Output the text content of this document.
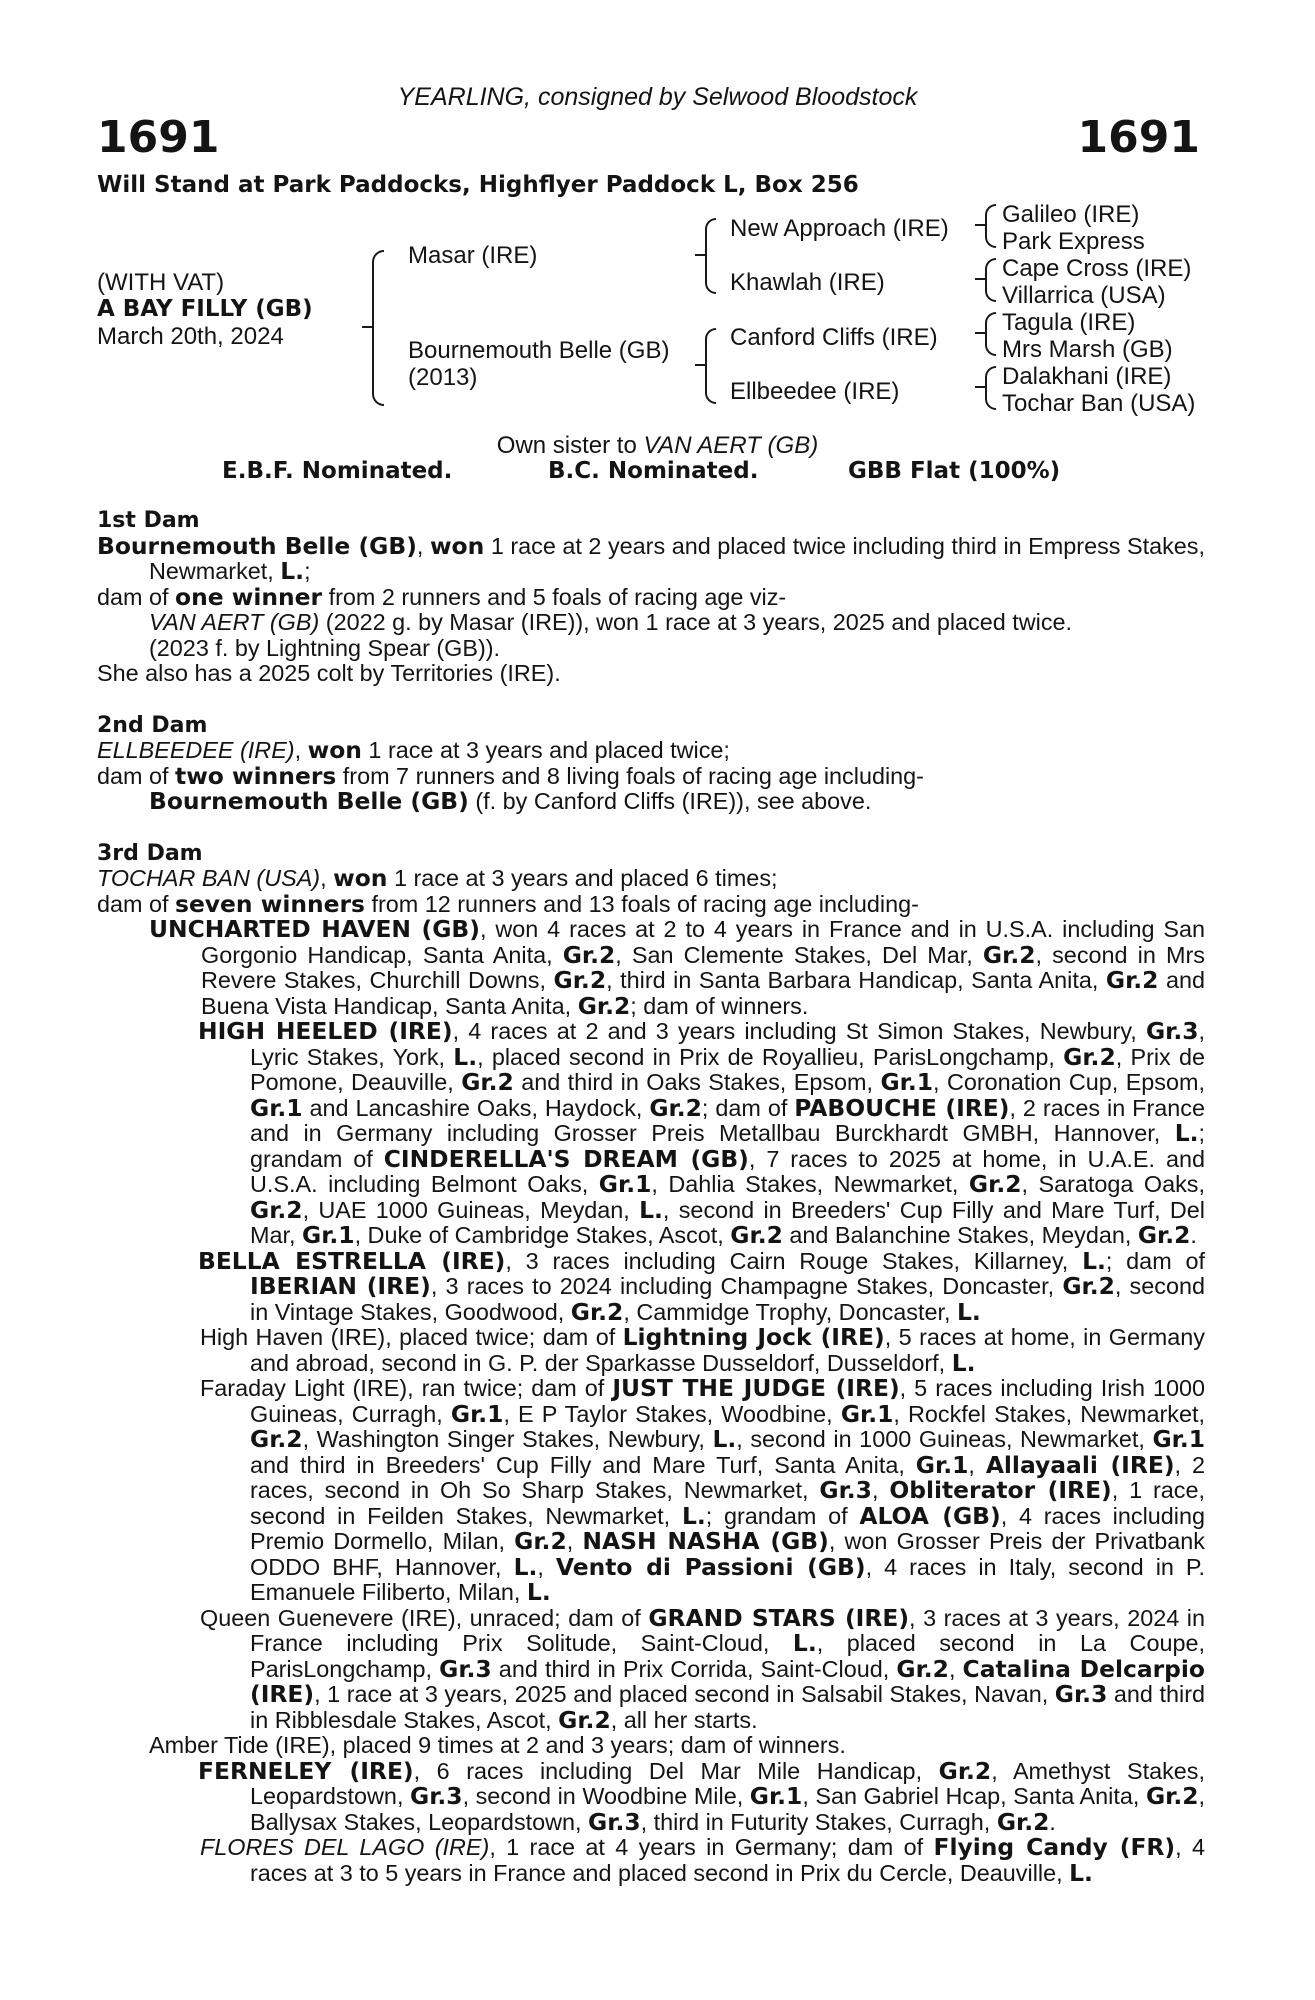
YEARLING, consigned by Selwood Bloodstock
1691	1691
Will Stand at Park Paddocks, Highflyer Paddock L, Box 256
(WITH VAT)
A BAY FILLY (GB)
March 20th, 2024
Masar (IRE)
Bournemouth Belle (GB)
(2013)
New Approach (IRE)
Khawlah (IRE)
Canford Cliffs (IRE)
Ellbeedee (IRE)
Galileo (IRE)
Park Express
Cape Cross (IRE)
Villarrica (USA)
Tagula (IRE)
Mrs Marsh (GB)
Dalakhani (IRE)
Tochar Ban (USA)
Own sister to VAN AERT (GB)
E.B.F. Nominated.	B.C. Nominated.	GBB Flat (100%)
1st Dam
Bournemouth Belle (GB), won 1 race at 2 years and placed twice including third in Empress Stakes, Newmarket, L.;
dam of one winner from 2 runners and 5 foals of racing age viz-
VAN AERT (GB) (2022 g. by Masar (IRE)), won 1 race at 3 years, 2025 and placed twice.
(2023 f. by Lightning Spear (GB)).
She also has a 2025 colt by Territories (IRE).
2nd Dam
ELLBEEDEE (IRE), won 1 race at 3 years and placed twice;
dam of two winners from 7 runners and 8 living foals of racing age including-
Bournemouth Belle (GB) (f. by Canford Cliffs (IRE)), see above.
3rd Dam
TOCHAR BAN (USA), won 1 race at 3 years and placed 6 times;
dam of seven winners from 12 runners and 13 foals of racing age including-
UNCHARTED HAVEN (GB), won 4 races at 2 to 4 years in France and in U.S.A. including San Gorgonio Handicap, Santa Anita, Gr.2, San Clemente Stakes, Del Mar, Gr.2, second in Mrs Revere Stakes, Churchill Downs, Gr.2, third in Santa Barbara Handicap, Santa Anita, Gr.2 and Buena Vista Handicap, Santa Anita, Gr.2; dam of winners.
HIGH HEELED (IRE), 4 races at 2 and 3 years including St Simon Stakes, Newbury, Gr.3, Lyric Stakes, York, L., placed second in Prix de Royallieu, ParisLongchamp, Gr.2, Prix de Pomone, Deauville, Gr.2 and third in Oaks Stakes, Epsom, Gr.1, Coronation Cup, Epsom, Gr.1 and Lancashire Oaks, Haydock, Gr.2; dam of PABOUCHE (IRE), 2 races in France and in Germany including Grosser Preis Metallbau Burckhardt GMBH, Hannover, L.; grandam of CINDERELLA'S DREAM (GB), 7 races to 2025 at home, in U.A.E. and U.S.A. including Belmont Oaks, Gr.1, Dahlia Stakes, Newmarket, Gr.2, Saratoga Oaks, Gr.2, UAE 1000 Guineas, Meydan, L., second in Breeders' Cup Filly and Mare Turf, Del Mar, Gr.1, Duke of Cambridge Stakes, Ascot, Gr.2 and Balanchine Stakes, Meydan, Gr.2.
BELLA ESTRELLA (IRE), 3 races including Cairn Rouge Stakes, Killarney, L.; dam of IBERIAN (IRE), 3 races to 2024 including Champagne Stakes, Doncaster, Gr.2, second in Vintage Stakes, Goodwood, Gr.2, Cammidge Trophy, Doncaster, L.
High Haven (IRE), placed twice; dam of Lightning Jock (IRE), 5 races at home, in Germany and abroad, second in G. P. der Sparkasse Dusseldorf, Dusseldorf, L.
Faraday Light (IRE), ran twice; dam of JUST THE JUDGE (IRE), 5 races including Irish 1000 Guineas, Curragh, Gr.1, E P Taylor Stakes, Woodbine, Gr.1, Rockfel Stakes, Newmarket, Gr.2, Washington Singer Stakes, Newbury, L., second in 1000 Guineas, Newmarket, Gr.1 and third in Breeders' Cup Filly and Mare Turf, Santa Anita, Gr.1, Allayaali (IRE), 2 races, second in Oh So Sharp Stakes, Newmarket, Gr.3, Obliterator (IRE), 1 race, second in Feilden Stakes, Newmarket, L.; grandam of ALOA (GB), 4 races including Premio Dormello, Milan, Gr.2, NASH NASHA (GB), won Grosser Preis der Privatbank ODDO BHF, Hannover, L., Vento di Passioni (GB), 4 races in Italy, second in P. Emanuele Filiberto, Milan, L.
Queen Guenevere (IRE), unraced; dam of GRAND STARS (IRE), 3 races at 3 years, 2024 in France including Prix Solitude, Saint-Cloud, L., placed second in La Coupe, ParisLongchamp, Gr.3 and third in Prix Corrida, Saint-Cloud, Gr.2, Catalina Delcarpio (IRE), 1 race at 3 years, 2025 and placed second in Salsabil Stakes, Navan, Gr.3 and third in Ribblesdale Stakes, Ascot, Gr.2, all her starts.
Amber Tide (IRE), placed 9 times at 2 and 3 years; dam of winners.
FERNELEY (IRE), 6 races including Del Mar Mile Handicap, Gr.2, Amethyst Stakes, Leopardstown, Gr.3, second in Woodbine Mile, Gr.1, San Gabriel Hcap, Santa Anita, Gr.2, Ballysax Stakes, Leopardstown, Gr.3, third in Futurity Stakes, Curragh, Gr.2.
FLORES DEL LAGO (IRE), 1 race at 4 years in Germany; dam of Flying Candy (FR), 4 races at 3 to 5 years in France and placed second in Prix du Cercle, Deauville, L.
